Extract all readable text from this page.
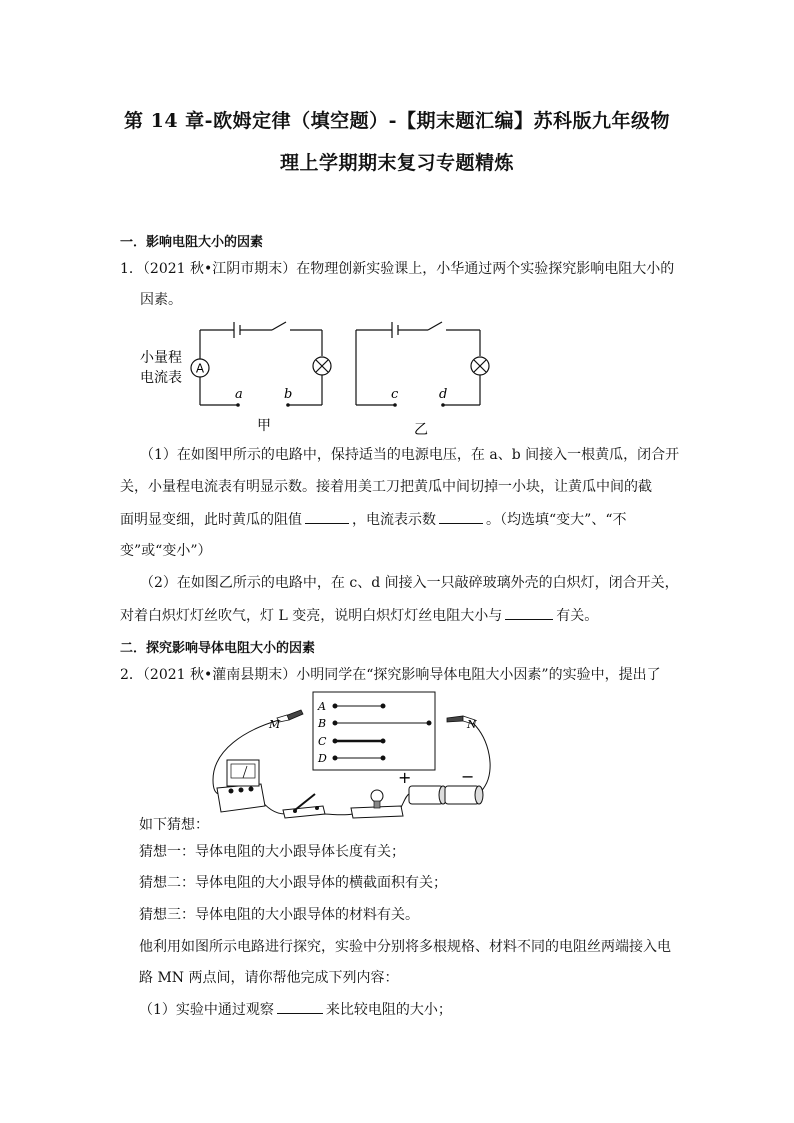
第 14 章-欧姆定律（填空题）-【期末题汇编】苏科版九年级物
理上学期期末复习专题精炼
一．影响电阻大小的因素
1．（2021 秋•江阴市期末）在物理创新实验课上，小华通过两个实验探究影响电阻大小的
因素。
A
小量程
电流表
a	b	c	d
甲	乙
（1）在如图甲所示的电路中，保持适当的电源电压，在 a、b 间接入一根黄瓜，闭合开
关，小量程电流表有明显示数。接着用美工刀把黄瓜中间切掉一小块，让黄瓜中间的截
面明显变细，此时黄瓜的阻值	，电流表示数	。（均选填“变大”、“不
变”或“变小”）
（2）在如图乙所示的电路中，在 c、d 间接入一只敲碎玻璃外壳的白炽灯，闭合开关，
对着白炽灯灯丝吹气，灯 L 变亮，说明白炽灯灯丝电阻大小与	有关。
二．探究影响导体电阻大小的因素
2．（2021 秋•灌南县期末）小明同学在“探究影响导体电阻大小因素”的实验中，提出了
A
B
C
D
M	N
+	−
如下猜想：
猜想一：导体电阻的大小跟导体长度有关；
猜想二：导体电阻的大小跟导体的横截面积有关；
猜想三：导体电阻的大小跟导体的材料有关。
他利用如图所示电路进行探究，实验中分别将多根规格、材料不同的电阻丝两端接入电
路 MN 两点间，请你帮他完成下列内容：
（1）实验中通过观察	来比较电阻的大小；
